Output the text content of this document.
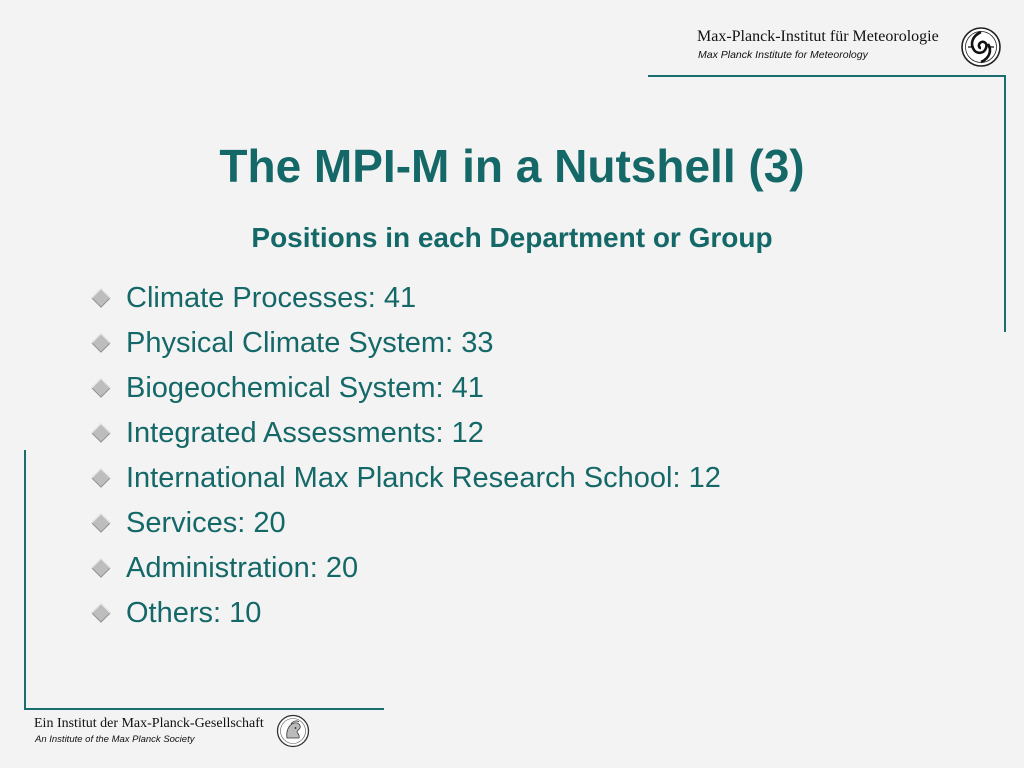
Max-Planck-Institut für Meteorologie
Max Planck Institute for Meteorology
The MPI-M in a Nutshell (3)
Positions in each Department or Group
Climate Processes: 41
Physical Climate System: 33
Biogeochemical System: 41
Integrated Assessments: 12
International Max Planck Research School: 12
Services: 20
Administration: 20
Others: 10
Ein Institut der Max-Planck-Gesellschaft
An Institute of the Max Planck Society
